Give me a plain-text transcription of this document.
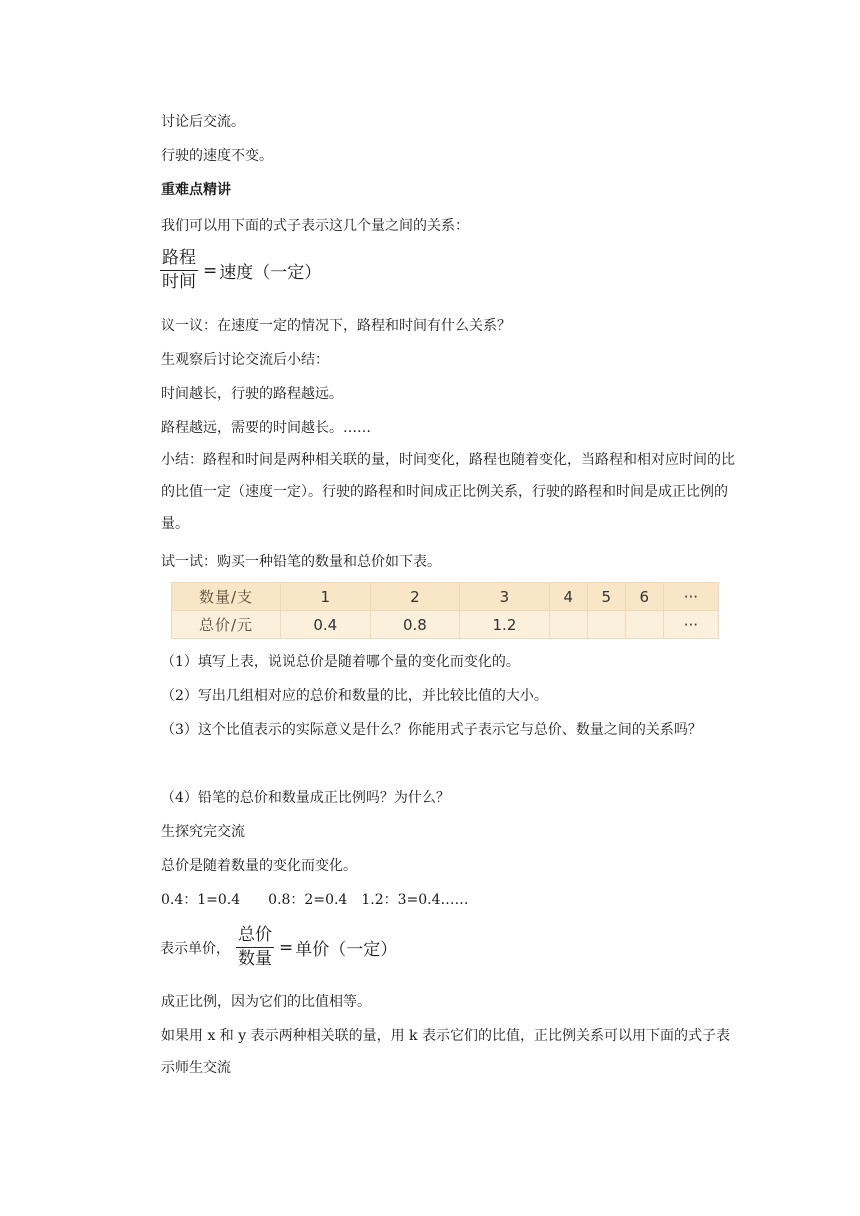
讨论后交流。
行驶的速度不变。
重难点精讲
我们可以用下面的式子表示这几个量之间的关系：
$\frac{\text{路程}}{\text{时间}}$ = 速度（一定）
议一议：在速度一定的情况下，路程和时间有什么关系？
生观察后讨论交流后小结：
时间越长，行驶的路程越远。
路程越远，需要的时间越长。……
小结：路程和时间是两种相关联的量，时间变化，路程也随着变化，当路程和相对应时间的比的比值一定（速度一定）。行驶的路程和时间成正比例关系，行驶的路程和时间是成正比例的量。
试一试：购买一种铅笔的数量和总价如下表。
数量/支	1	2	3	4	5	6	···
总价/元	0.4	0.8	1.2				···
（1）填写上表，说说总价是随着哪个量的变化而变化的。
（2）写出几组相对应的总价和数量的比，并比较比值的大小。
（3）这个比值表示的实际意义是什么？你能用式子表示它与总价、数量之间的关系吗？
（4）铅笔的总价和数量成正比例吗？为什么？
生探究完交流
总价是随着数量的变化而变化。
0.4：1=0.4　　0.8：2=0.4　1.2：3=0.4……
表示单价， $\frac{\text{总价}}{\text{数量}}$ = 单价（一定）
成正比例，因为它们的比值相等。
如果用 x 和 y 表示两种相关联的量，用 k 表示它们的比值，正比例关系可以用下面的式子表示师生交流
